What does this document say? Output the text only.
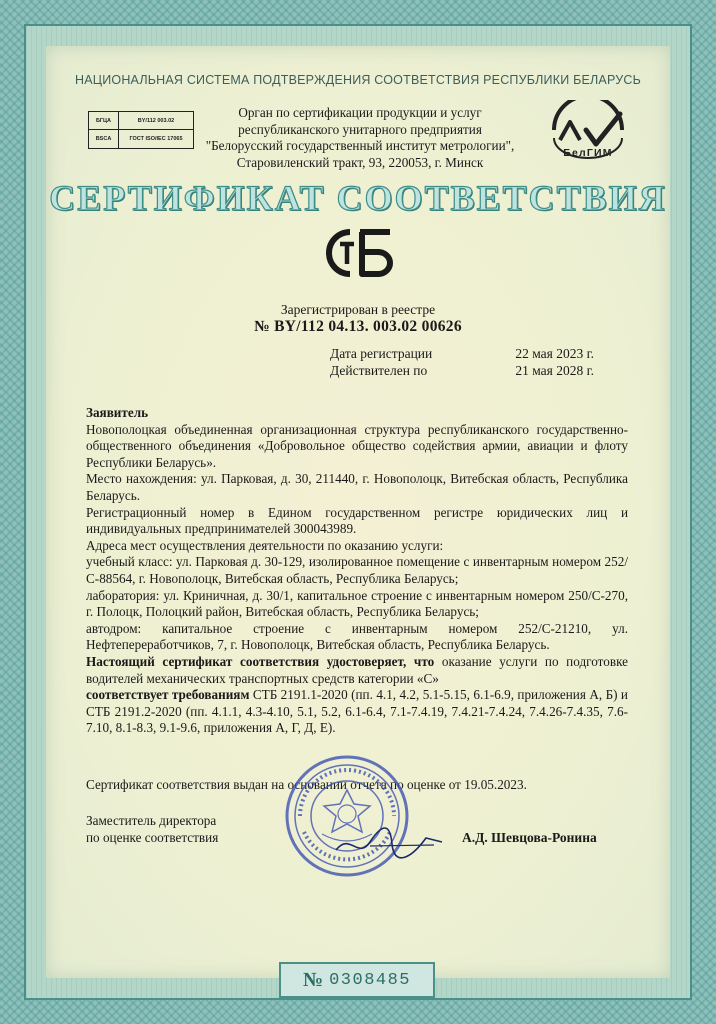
НАЦИОНАЛЬНАЯ СИСТЕМА ПОДТВЕРЖДЕНИЯ СООТВЕТСТВИЯ РЕСПУБЛИКИ БЕЛАРУСЬ
БГЦА	BY/112 003.02
BSCA	ГОСТ ISO/IEC 17065
Орган по сертификации продукции и услуг
республиканского унитарного предприятия
"Белорусский государственный институт метрологии",
Старовиленский тракт, 93, 220053, г. Минск
БелГИМ
СЕРТИФИКАТ СООТВЕТСТВИЯ
Зарегистрирован в реестре
№ BY/112 04.13. 003.02 00626
Дата регистрации	22 мая 2023 г.
Действителен по	21 мая 2028 г.

Заявитель

Новополоцкая объединенная организационная структура республиканского государственно-общественного объединения «Добровольное общество содействия армии, авиации и флоту Республики Беларусь».

Место нахождения: ул. Парковая, д. 30, 211440, г. Новополоцк, Витебская область, Республика Беларусь.

Регистрационный номер в Едином государственном регистре юридических лиц и индивидуальных предпринимателей 300043989.

Адреса мест осуществления деятельности по оказанию услуги:

учебный класс: ул. Парковая д. 30-129, изолированное помещение с инвентарным номером 252/С-88564, г. Новополоцк, Витебская область, Республика Беларусь;

лаборатория: ул. Криничная, д. 30/1, капитальное строение с инвентарным номером 250/С-270, г. Полоцк, Полоцкий район, Витебская область, Республика Беларусь;

автодром: капитальное строение с инвентарным номером 252/С-21210, ул. Нефтепереработчиков, 7, г. Новополоцк, Витебская область, Республика Беларусь.

Настоящий сертификат соответствия удостоверяет, что оказание услуги по подготовке водителей механических транспортных средств категории «С»

соответствует требованиям СТБ 2191.1-2020 (пп. 4.1, 4.2, 5.1-5.15, 6.1-6.9, приложения А, Б) и СТБ 2191.2-2020 (пп. 4.1.1, 4.3-4.10, 5.1, 5.2, 6.1-6.4, 7.1-7.4.19, 7.4.21-7.4.24, 7.4.26-7.4.35, 7.6-7.10, 8.1-8.3, 9.1-9.6, приложения А, Г, Д, Е).

Сертификат соответствия выдан на основании отчета по оценке от 19.05.2023.
Заместитель директора
по оценке соответствия	А.Д. Шевцова-Ронина
№ 0308485
